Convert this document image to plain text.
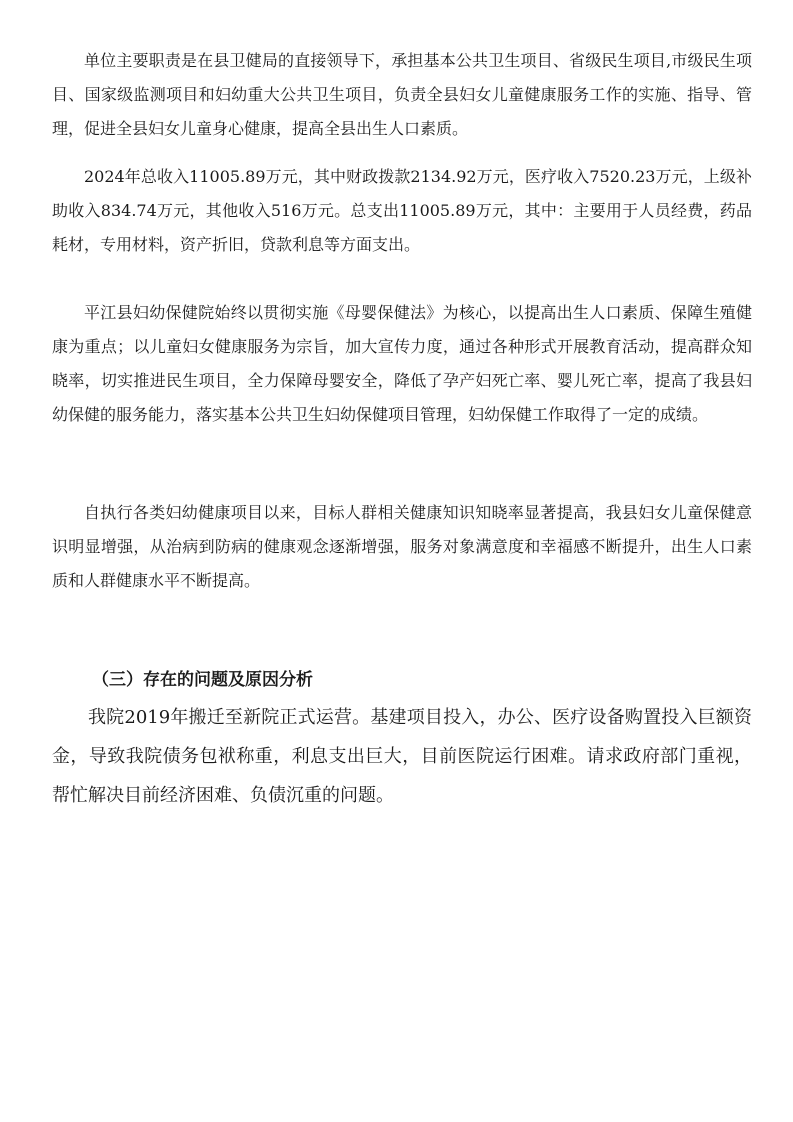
单位主要职责是在县卫健局的直接领导下，承担基本公共卫生项目、省级民生项目,市级民生项目、国家级监测项目和妇幼重大公共卫生项目，负责全县妇女儿童健康服务工作的实施、指导、管理，促进全县妇女儿童身心健康，提高全县出生人口素质。

2024年总收入11005.89万元，其中财政拨款2134.92万元，医疗收入7520.23万元，上级补助收入834.74万元，其他收入516万元。总支出11005.89万元，其中：主要用于人员经费，药品耗材，专用材料，资产折旧，贷款利息等方面支出。

平江县妇幼保健院始终以贯彻实施《母婴保健法》为核心，以提高出生人口素质、保障生殖健康为重点；以儿童妇女健康服务为宗旨，加大宣传力度，通过各种形式开展教育活动，提高群众知晓率，切实推进民生项目，全力保障母婴安全，降低了孕产妇死亡率、婴儿死亡率，提高了我县妇幼保健的服务能力，落实基本公共卫生妇幼保健项目管理，妇幼保健工作取得了一定的成绩。

自执行各类妇幼健康项目以来，目标人群相关健康知识知晓率显著提高，我县妇女儿童保健意识明显增强，从治病到防病的健康观念逐渐增强，服务对象满意度和幸福感不断提升，出生人口素质和人群健康水平不断提高。

（三）存在的问题及原因分析

我院2019年搬迁至新院正式运营。基建项目投入，办公、医疗设备购置投入巨额资金，导致我院债务包袱称重，利息支出巨大，目前医院运行困难。请求政府部门重视，帮忙解决目前经济困难、负债沉重的问题。
